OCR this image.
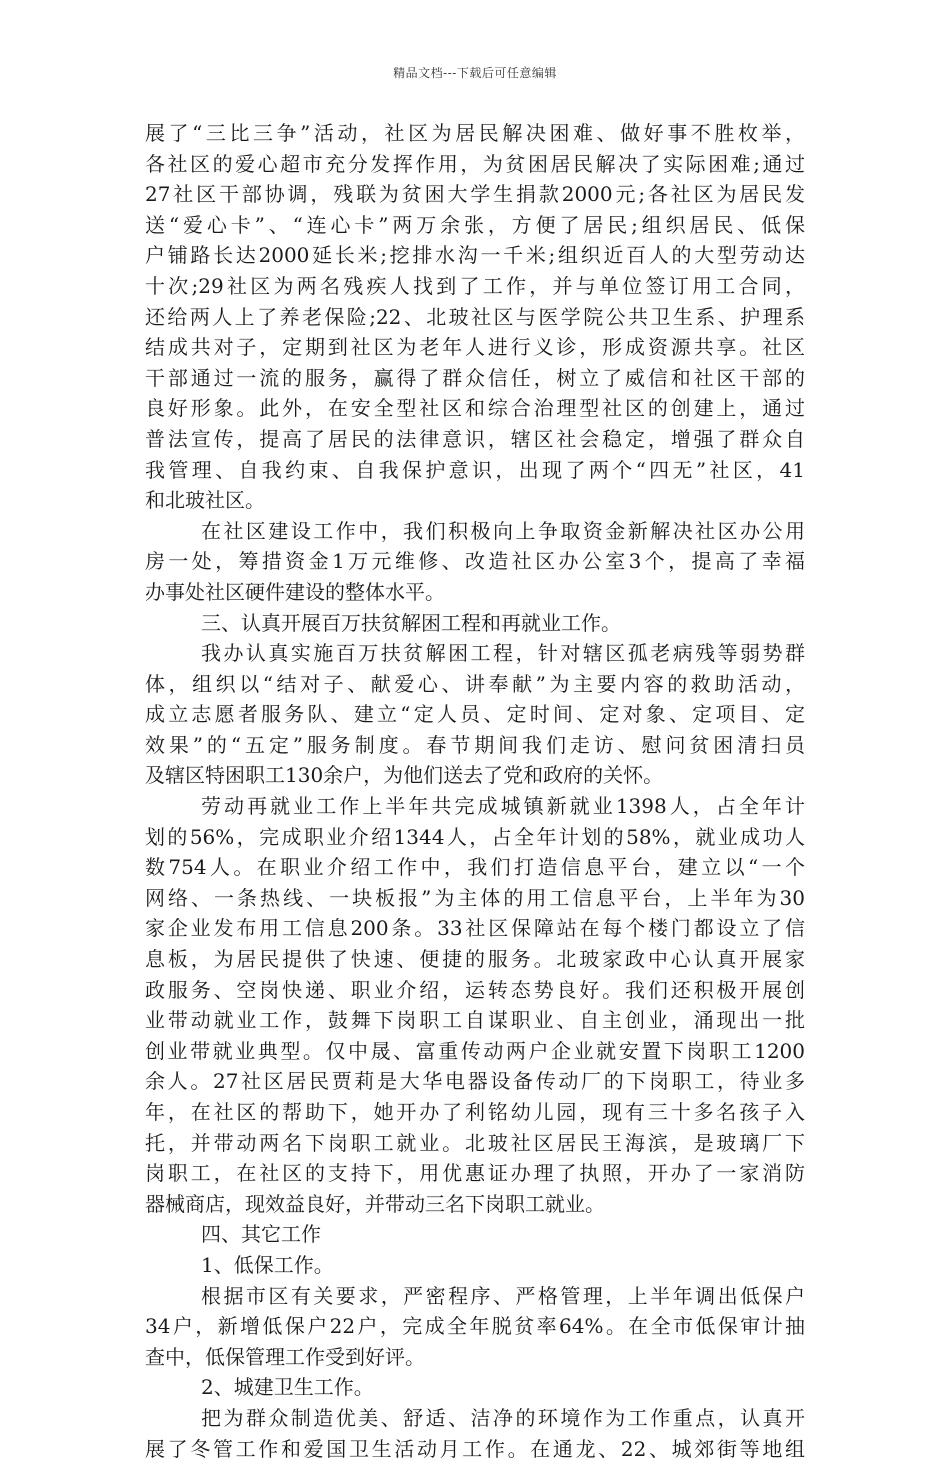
精品文档---下载后可任意编辑
展了“三比三争”活动，社区为居民解决困难、做好事不胜枚举，
各社区的爱心超市充分发挥作用，为贫困居民解决了实际困难;通过
27社区干部协调，残联为贫困大学生捐款2000元;各社区为居民发
送“爱心卡”、“连心卡”两万余张，方便了居民;组织居民、低保
户铺路长达2000延长米;挖排水沟一千米;组织近百人的大型劳动达
十次;29社区为两名残疾人找到了工作，并与单位签订用工合同，
还给两人上了养老保险;22、北玻社区与医学院公共卫生系、护理系
结成共对子，定期到社区为老年人进行义诊，形成资源共享。社区
干部通过一流的服务，赢得了群众信任，树立了威信和社区干部的
良好形象。此外，在安全型社区和综合治理型社区的创建上，通过
普法宣传，提高了居民的法律意识，辖区社会稳定，增强了群众自
我管理、自我约束、自我保护意识，出现了两个“四无”社区，41
和北玻社区。
在社区建设工作中，我们积极向上争取资金新解决社区办公用
房一处，筹措资金1万元维修、改造社区办公室3个，提高了幸福
办事处社区硬件建设的整体水平。
三、认真开展百万扶贫解困工程和再就业工作。
我办认真实施百万扶贫解困工程，针对辖区孤老病残等弱势群
体，组织以“结对子、献爱心、讲奉献”为主要内容的救助活动，
成立志愿者服务队、建立“定人员、定时间、定对象、定项目、定
效果”的“五定”服务制度。春节期间我们走访、慰问贫困清扫员
及辖区特困职工130余户，为他们送去了党和政府的关怀。
劳动再就业工作上半年共完成城镇新就业1398人，占全年计
划的56%，完成职业介绍1344人，占全年计划的58%，就业成功人
数754人。在职业介绍工作中，我们打造信息平台，建立以“一个
网络、一条热线、一块板报”为主体的用工信息平台，上半年为30
家企业发布用工信息200条。33社区保障站在每个楼门都设立了信
息板，为居民提供了快速、便捷的服务。北玻家政中心认真开展家
政服务、空岗快递、职业介绍，运转态势良好。我们还积极开展创
业带动就业工作，鼓舞下岗职工自谋职业、自主创业，涌现出一批
创业带就业典型。仅中晟、富重传动两户企业就安置下岗职工1200
余人。27社区居民贾莉是大华电器设备传动厂的下岗职工，待业多
年，在社区的帮助下，她开办了利铭幼儿园，现有三十多名孩子入
托，并带动两名下岗职工就业。北玻社区居民王海滨，是玻璃厂下
岗职工，在社区的支持下，用优惠证办理了执照，开办了一家消防
器械商店，现效益良好，并带动三名下岗职工就业。
四、其它工作
1、低保工作。
根据市区有关要求，严密程序、严格管理，上半年调出低保户
34户，新增低保户22户，完成全年脱贫率64%。在全市低保审计抽
查中，低保管理工作受到好评。
2、城建卫生工作。
把为群众制造优美、舒适、洁净的环境作为工作重点，认真开
展了冬管工作和爱国卫生活动月工作。在通龙、22、城郊街等地组
